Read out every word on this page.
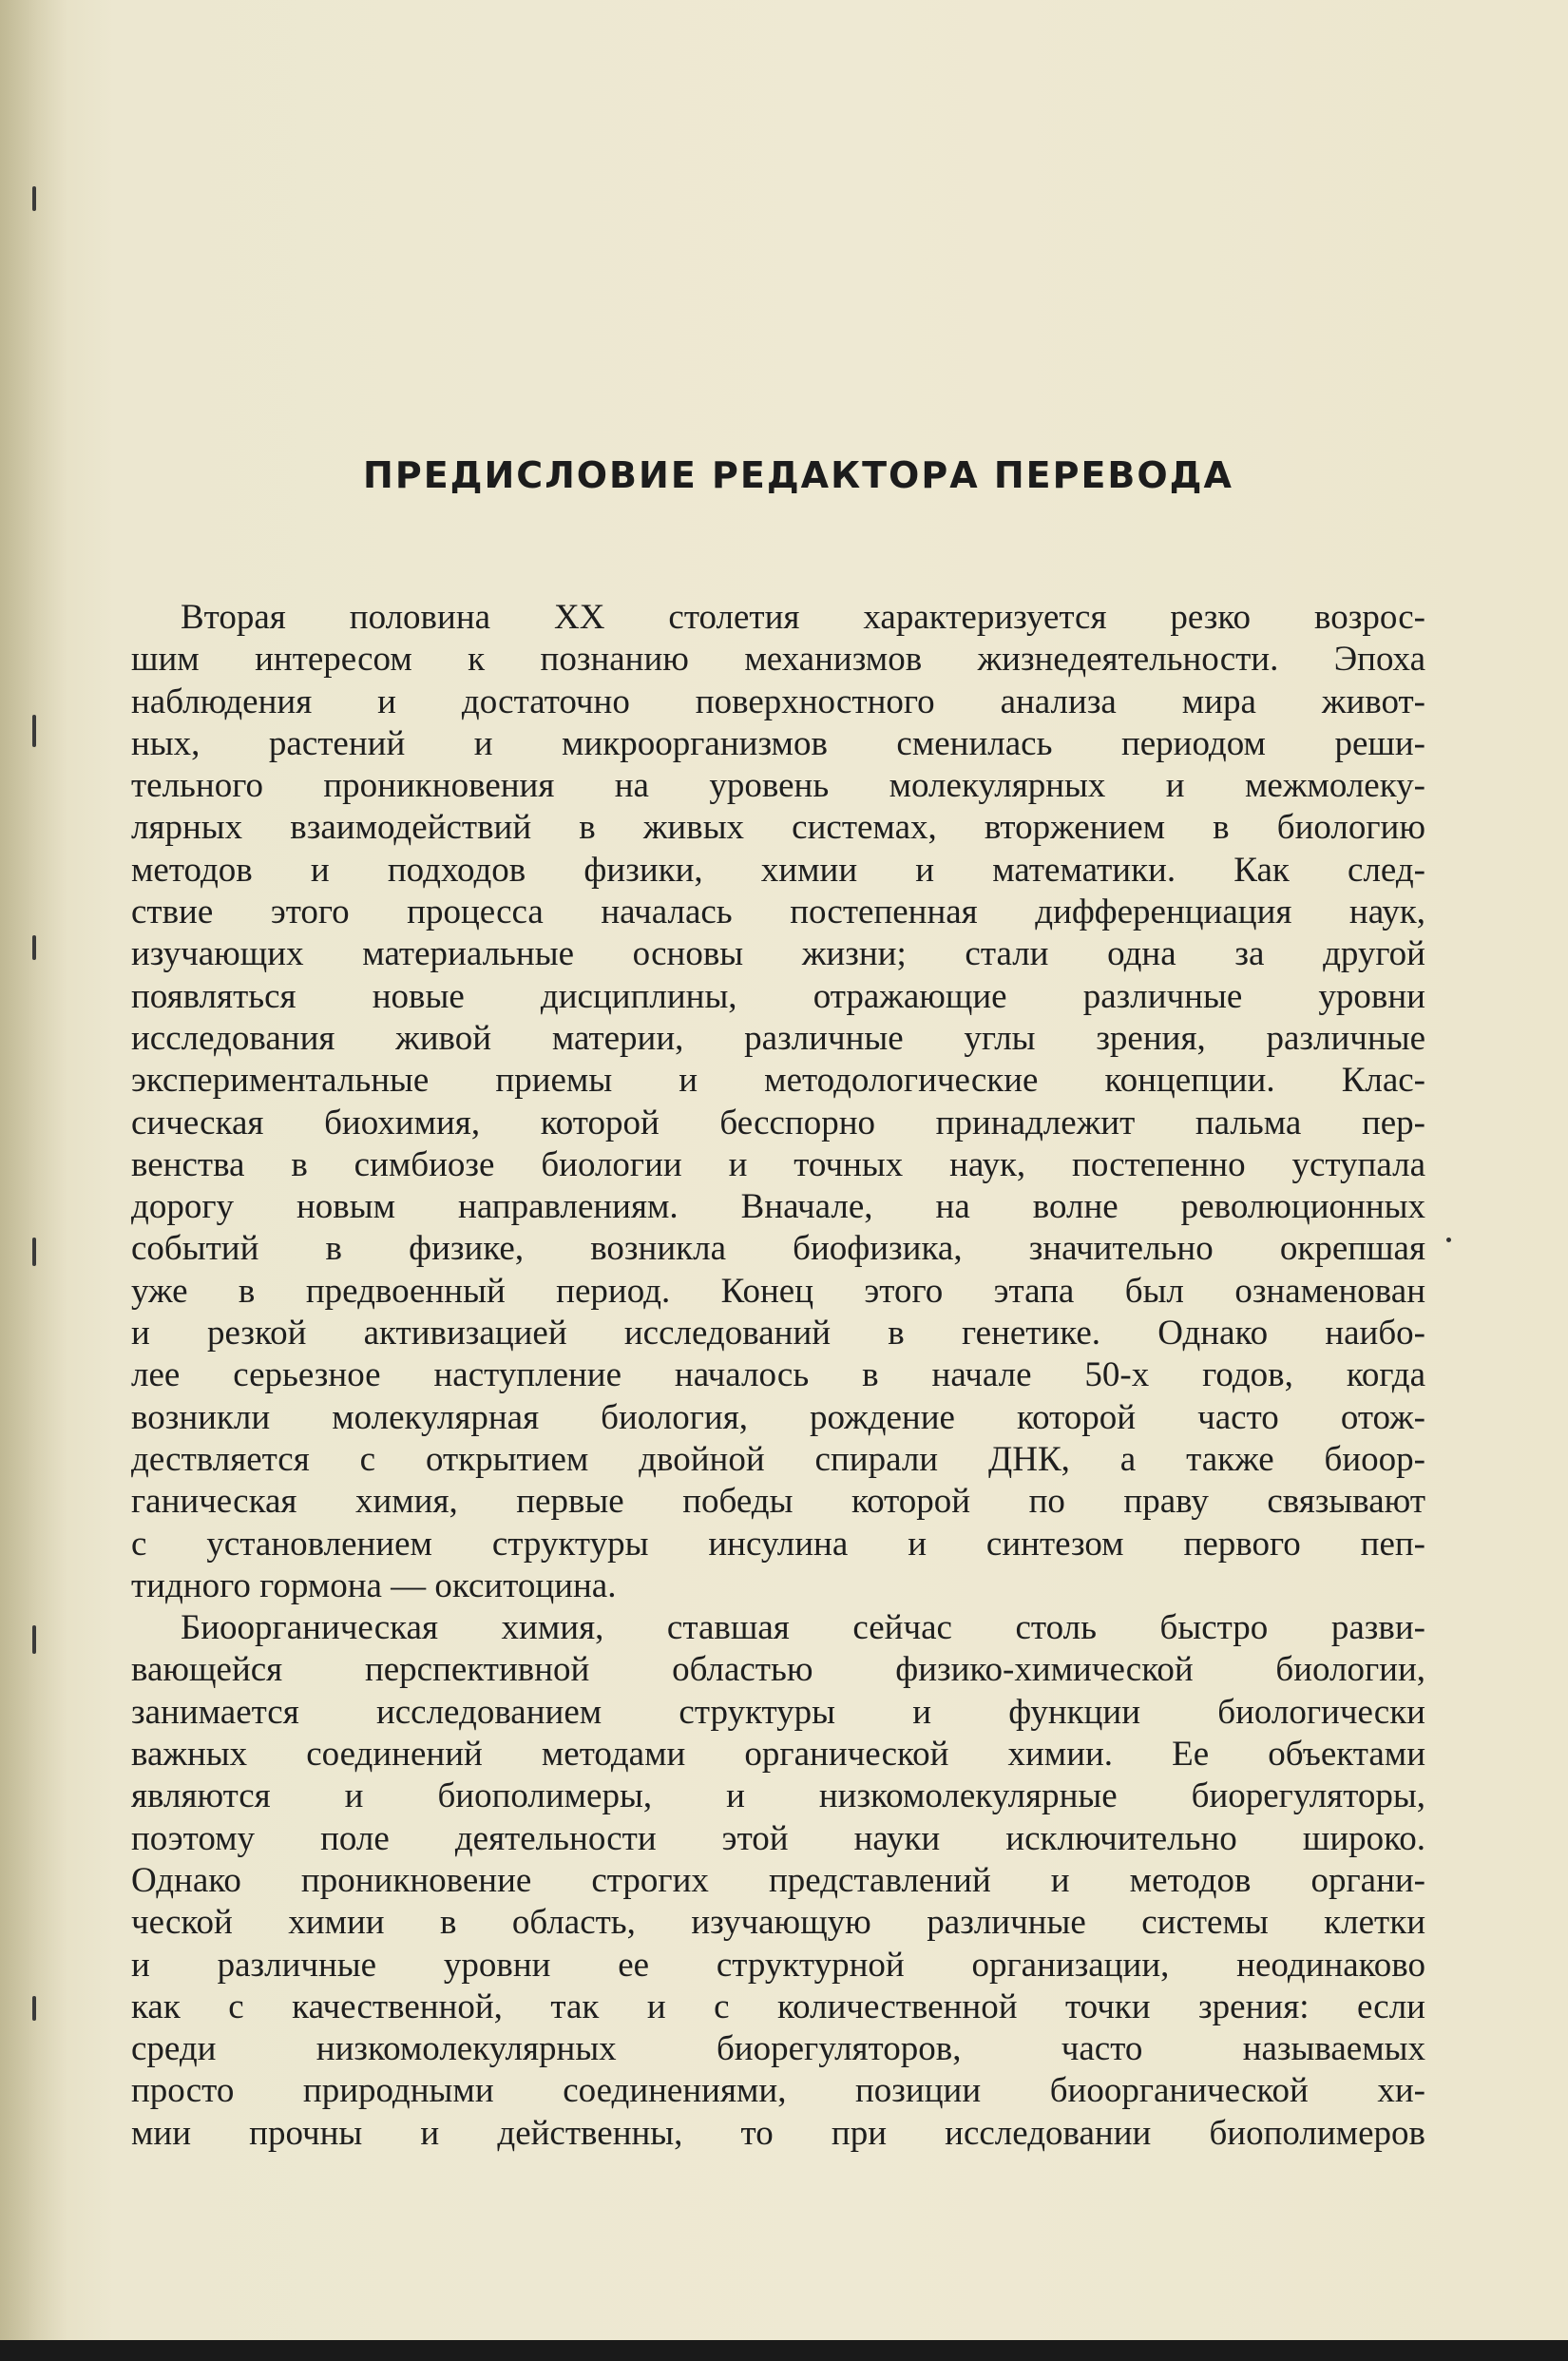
ПРЕДИСЛОВИЕ РЕДАКТОРА ПЕРЕВОДА
Вторая половина XX столетия характеризуется резко возрос-
шим интересом к познанию механизмов жизнедеятельности. Эпоха
наблюдения и достаточно поверхностного анализа мира живот-
ных, растений и микроорганизмов сменилась периодом реши-
тельного проникновения на уровень молекулярных и межмолеку-
лярных взаимодействий в живых системах, вторжением в биологию
методов и подходов физики, химии и математики. Как след-
ствие этого процесса началась постепенная дифференциация наук,
изучающих материальные основы жизни; стали одна за другой
появляться новые дисциплины, отражающие различные уровни
исследования живой материи, различные углы зрения, различные
экспериментальные приемы и методологические концепции. Клас-
сическая биохимия, которой бесспорно принадлежит пальма пер-
венства в симбиозе биологии и точных наук, постепенно уступала
дорогу новым направлениям. Вначале, на волне революционных
событий в физике, возникла биофизика, значительно окрепшая
уже в предвоенный период. Конец этого этапа был ознаменован
и резкой активизацией исследований в генетике. Однако наибо-
лее серьезное наступление началось в начале 50-х годов, когда
возникли молекулярная биология, рождение которой часто отож-
дествляется с открытием двойной спирали ДНК, а также биоор-
ганическая химия, первые победы которой по праву связывают
с установлением структуры инсулина и синтезом первого пеп-
тидного гормона — окситоцина.
Биоорганическая химия, ставшая сейчас столь быстро разви-
вающейся перспективной областью физико-химической биологии,
занимается исследованием структуры и функции биологически
важных соединений методами органической химии. Ее объектами
являются и биополимеры, и низкомолекулярные биорегуляторы,
поэтому поле деятельности этой науки исключительно широко.
Однако проникновение строгих представлений и методов органи-
ческой химии в область, изучающую различные системы клетки
и различные уровни ее структурной организации, неодинаково
как с качественной, так и с количественной точки зрения: если
среди низкомолекулярных биорегуляторов, часто называемых
просто природными соединениями, позиции биоорганической хи-
мии прочны и действенны, то при исследовании биополимеров
